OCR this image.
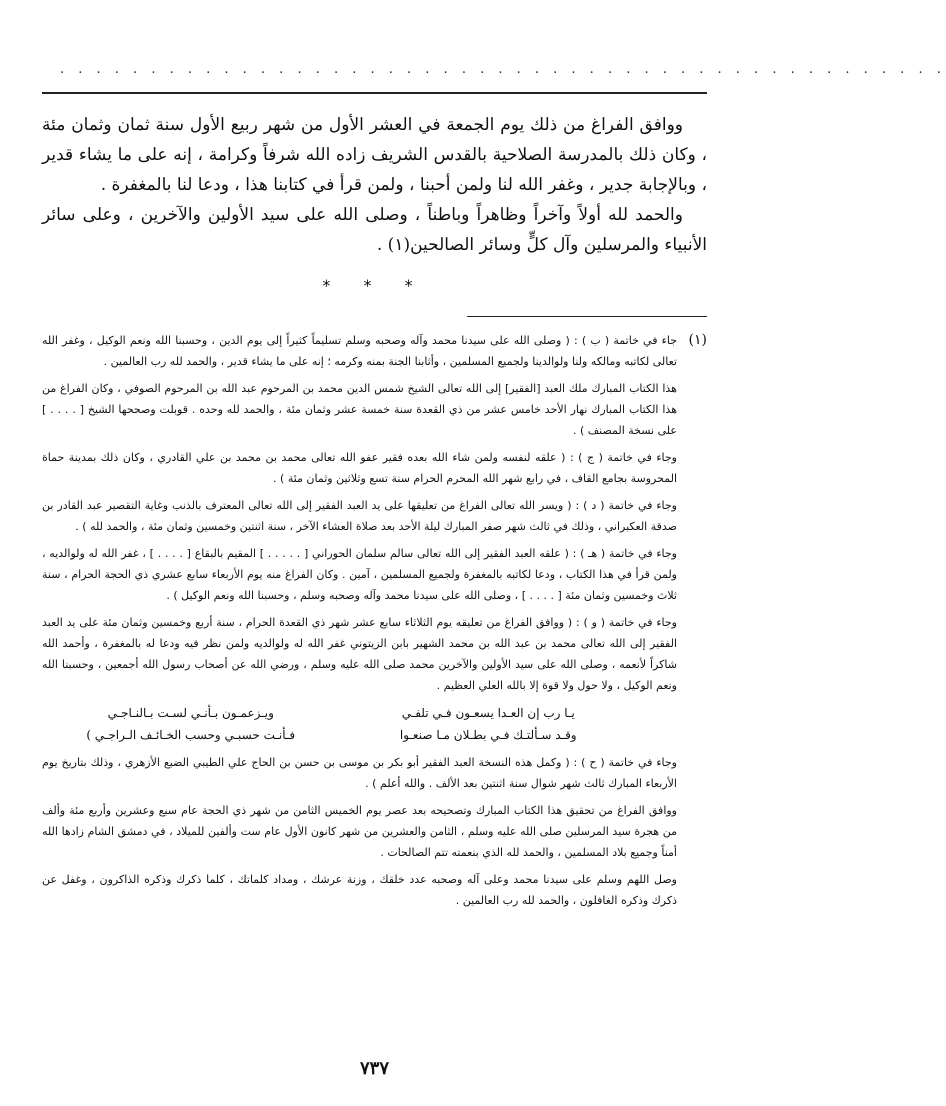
. . . . . . . . . . . . . . . . . . . . . . . . . . . . . . . . . . . . . . . . . . . . . . . . .

ووافق الفراغ من ذلك يوم الجمعة في العشر الأول من شهر ربيع الأول سنة ثمان وثمان مئة ، وكان ذلك بالمدرسة الصلاحية بالقدس الشريف زاده الله شرفاً وكرامة ، إنه على ما يشاء قدير ، وبالإجابة جدير ، وغفر الله لنا ولمن أحبنا ، ولمن قرأ في كتابنا هذا ، ودعا لنا بالمغفرة .

والحمد لله أولاً وآخراً وظاهراً وباطناً ، وصلى الله على سيد الأولين والآخرين ، وعلى سائر الأنبياء والمرسلين وآل كلٍّ وسائر الصالحين(١) .

* * *
(١)

جاء في خاتمة ( ب ) : ( وصلى الله على سيدنا محمد وآله وصحبه وسلم تسليماً كثيراً إلى يوم الدين ، وحسبنا الله ونعم الوكيل ، وغفر الله تعالى لكاتبه ومالكه ولنا ولوالدينا ولجميع المسلمين ، وأثابنا الجنة بمنه وكرمه ؛ إنه على ما يشاء قدير ، والحمد لله رب العالمين .

هذا الكتاب المبارك ملك العبد [الفقير] إلى الله تعالى الشيخ شمس الدين محمد بن المرحوم عبد الله بن المرحوم الصوفي ، وكان الفراغ من هذا الكتاب المبارك نهار الأحد خامس عشر من ذي القعدة سنة خمسة عشر وثمان مئة ، والحمد لله وحده . قوبلت وصححها الشيخ [ . . . . ] على نسخة المصنف ) .

وجاء في خاتمة ( ج ) : ( علقه لنفسه ولمن شاء الله بعده فقير عفو الله تعالى محمد بن محمد بن علي القادري ، وكان ذلك بمدينة حماة المحروسة بجامع القاف ، في رابع شهر الله المحرم الحرام سنة تسع وثلاثين وثمان مئة ) .

وجاء في خاتمة ( د ) : ( ويسر الله تعالى الفراغ من تعليقها على يد العبد الفقير إلى الله تعالى المعترف بالذنب وغاية التقصير عبد القادر بن صدقة العكبراني ، وذلك في ثالث شهر صفر المبارك ليلة الأحد بعد صلاة العشاء الآخر ، سنة اثنتين وخمسين وثمان مئة ، والحمد لله ) .

وجاء في خاتمة ( هـ ) : ( علقه العبد الفقير إلى الله تعالى سالم سلمان الحوراني [ . . . . . ] المقيم بالبقاع [ . . . . ] ، غفر الله له ولوالديه ، ولمن قرأ في هذا الكتاب ، ودعا لكاتبه بالمغفرة ولجميع المسلمين ، آمين . وكان الفراغ منه يوم الأربعاء سابع عشري ذي الحجة الحرام ، سنة ثلاث وخمسين وثمان مئة [ . . . . ] ، وصلى الله على سيدنا محمد وآله وصحبه وسلم ، وحسبنا الله ونعم الوكيل ) .

وجاء في خاتمة ( و ) : ( ووافق الفراغ من تعليقه يوم الثلاثاء سابع عشر شهر ذي القعدة الحرام ، سنة أربع وخمسين وثمان مئة على يد العبد الفقير إلى الله تعالى محمد بن عبد الله بن محمد الشهير بابن الزيتوني غفر الله له ولوالديه ولمن نظر فيه ودعا له بالمغفرة ، وأحمد الله شاكراً لأنعمه ، وصلى الله على سيد الأولين والآخرين محمد صلى الله عليه وسلم ، ورضي الله عن أصحاب رسول الله أجمعين ، وحسبنا الله ونعم الوكيل ، ولا حول ولا قوة إلا بالله العلي العظيم .

يـا رب إن العـدا يسعـون فـي تلفـي
ويـزعمـون بـأنـي لسـت بـالنـاجـي
وقـد سـألتـك فـي بطـلان مـا صنعـوا
فـأنـت حسبـي وحسب الخـائـف الـراجـي )

وجاء في خاتمة ( ح ) : ( وكمل هذه النسخة العبد الفقير أبو بكر بن موسى بن حسن بن الحاج علي الطيبي الضبع الأزهري ، وذلك بتاريخ يوم الأربعاء المبارك ثالث شهر شوال سنة اثنتين بعد الألف . والله أعلم ) .

ووافق الفراغ من تحقيق هذا الكتاب المبارك وتصحيحه بعد عصر يوم الخميس الثامن من شهر ذي الحجة عام سبع وعشرين وأربع مئة وألف من هجرة سيد المرسلين صلى الله عليه وسلم ، الثامن والعشرين من شهر كانون الأول عام ست وألفين للميلاد ، في دمشق الشام زادها الله أمناً وجميع بلاد المسلمين ، والحمد لله الذي بنعمته تتم الصالحات .

وصل اللهم وسلم على سيدنا محمد وعلى آله وصحبه عدد خلقك ، وزنة عرشك ، ومداد كلماتك ، كلما ذكرك وذكره الذاكرون ، وغفل عن ذكرك وذكره الغافلون ، والحمد لله رب العالمين .

٧٣٧
